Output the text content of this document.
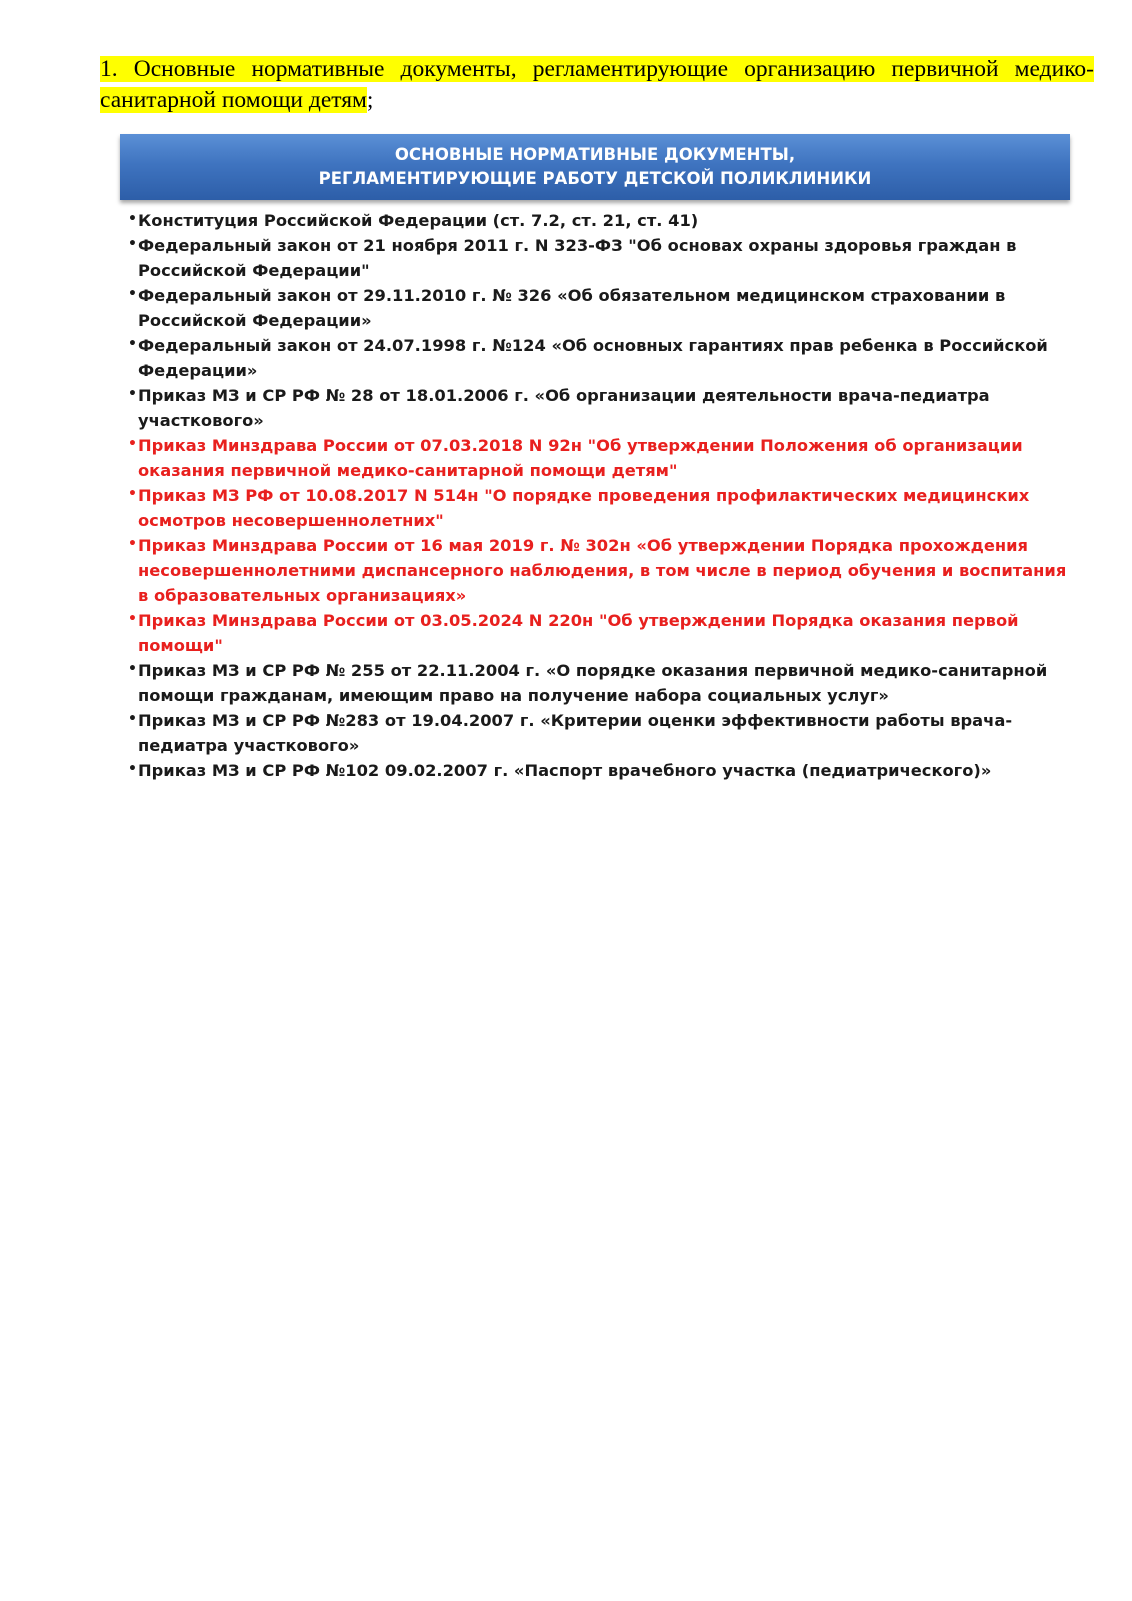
1. Основные нормативные документы, регламентирующие организацию первичной медико-санитарной помощи детям;
ОСНОВНЫЕ НОРМАТИВНЫЕ ДОКУМЕНТЫ,
РЕГЛАМЕНТИРУЮЩИЕ РАБОТУ ДЕТСКОЙ ПОЛИКЛИНИКИ
• Конституция Российской Федерации (ст. 7.2, ст. 21, ст. 41)
• Федеральный закон от 21 ноября 2011 г. N 323-ФЗ "Об основах охраны здоровья граждан в Российской Федерации"
• Федеральный закон от 29.11.2010 г. № 326 «Об обязательном медицинском страховании в Российской Федерации»
• Федеральный закон от 24.07.1998 г. №124 «Об основных гарантиях прав ребенка в Российской Федерации»
• Приказ МЗ и СР РФ № 28 от 18.01.2006 г. «Об организации деятельности врача-педиатра участкового»
• Приказ Минздрава России от 07.03.2018 N 92н "Об утверждении Положения об организации оказания первичной медико-санитарной помощи детям"
• Приказ МЗ РФ от 10.08.2017 N 514н "О порядке проведения профилактических медицинских осмотров несовершеннолетних"
• Приказ Минздрава России от 16 мая 2019 г. № 302н «Об утверждении Порядка прохождения несовершеннолетними диспансерного наблюдения, в том числе в период обучения и воспитания в образовательных организациях»
• Приказ Минздрава России от 03.05.2024 N 220н "Об утверждении Порядка оказания первой помощи"
• Приказ МЗ и СР РФ № 255 от 22.11.2004 г. «О порядке оказания первичной медико-санитарной помощи гражданам, имеющим право на получение набора социальных услуг»
• Приказ МЗ и СР РФ №283 от 19.04.2007 г. «Критерии оценки эффективности работы врача-педиатра участкового»
• Приказ МЗ и СР РФ №102 09.02.2007 г. «Паспорт врачебного участка (педиатрического)»
